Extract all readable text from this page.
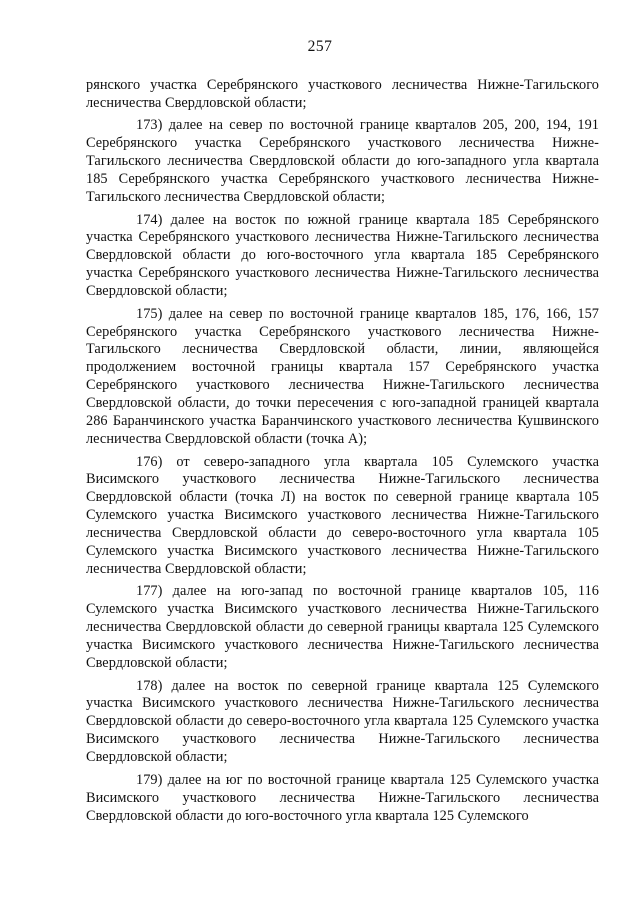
257

рянского участка Серебрянского участкового лесничества Нижне-Тагильского лесничества Свердловской области;

173) далее на север по восточной границе кварталов 205, 200, 194, 191 Серебрянского участка Серебрянского участкового лесничества Нижне-Тагильского лесничества Свердловской области до юго-западного угла квартала 185 Серебрянского участка Серебрянского участкового лесничества Нижне-Тагильского лесничества Свердловской области;

174) далее на восток по южной границе квартала 185 Серебрянского участка Серебрянского участкового лесничества Нижне-Тагильского лесничества Свердловской области до юго-восточного угла квартала 185 Серебрянского участка Серебрянского участкового лесничества Нижне-Тагильского лесничества Свердловской области;

175) далее на север по восточной границе кварталов 185, 176, 166, 157 Серебрянского участка Серебрянского участкового лесничества Нижне-Тагильского лесничества Свердловской области, линии, являющейся продолжением восточной границы квартала 157 Серебрянского участка Серебрянского участкового лесничества Нижне-Тагильского лесничества Свердловской области, до точки пересечения с юго-западной границей квартала 286 Баранчинского участка Баранчинского участкового лесничества Кушвинского лесничества Свердловской области (точка А);

176) от северо-западного угла квартала 105 Сулемского участка Висимского участкового лесничества Нижне-Тагильского лесничества Свердловской области (точка Л) на восток по северной границе квартала 105 Сулемского участка Висимского участкового лесничества Нижне-Тагильского лесничества Свердловской области до северо-восточного угла квартала 105 Сулемского участка Висимского участкового лесничества Нижне-Тагильского лесничества Свердловской области;

177) далее на юго-запад по восточной границе кварталов 105, 116 Сулемского участка Висимского участкового лесничества Нижне-Тагильского лесничества Свердловской области до северной границы квартала 125 Сулемского участка Висимского участкового лесничества Нижне-Тагильского лесничества Свердловской области;

178) далее на восток по северной границе квартала 125 Сулемского участка Висимского участкового лесничества Нижне-Тагильского лесничества Свердловской области до северо-восточного угла квартала 125 Сулемского участка Висимского участкового лесничества Нижне-Тагильского лесничества Свердловской области;

179) далее на юг по восточной границе квартала 125 Сулемского участка Висимского участкового лесничества Нижне-Тагильского лесничества Свердловской области до юго-восточного угла квартала 125 Сулемского
